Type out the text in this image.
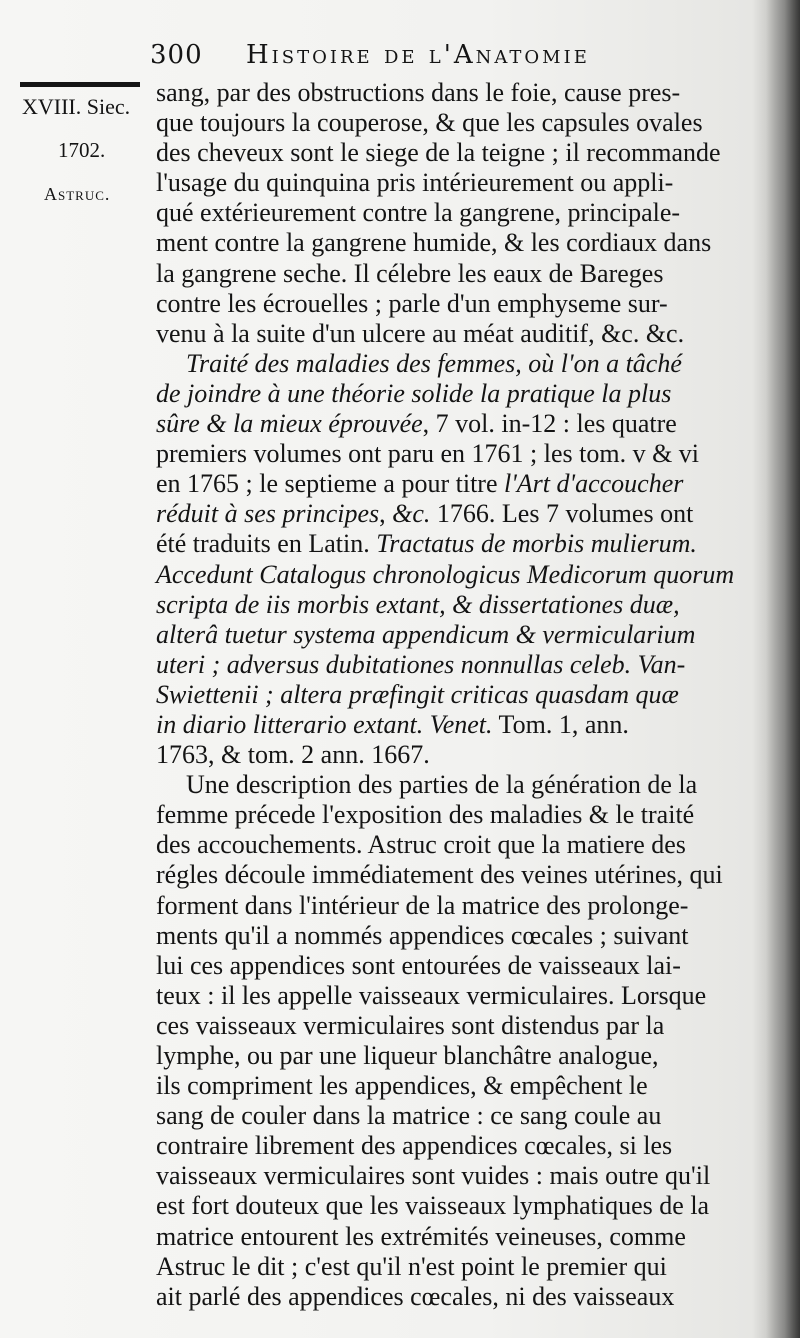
300 Histoire de l'Anatomie
XVIII. Siec.
1702.
Astruc.
sang, par des obstructions dans le foie, cause pres-
que toujours la couperose, & que les capsules ovales
des cheveux sont le siege de la teigne ; il recommande
l'usage du quinquina pris intérieurement ou appli-
qué extérieurement contre la gangrene, principale-
ment contre la gangrene humide, & les cordiaux dans
la gangrene seche. Il célebre les eaux de Bareges
contre les écrouelles ; parle d'un emphyseme sur-
venu à la suite d'un ulcere au méat auditif, &c. &c.
Traité des maladies des femmes, où l'on a tâché
de joindre à une théorie solide la pratique la plus
sûre & la mieux éprouvée, 7 vol. in-12 : les quatre
premiers volumes ont paru en 1761 ; les tom. v & vi
en 1765 ; le septieme a pour titre l'Art d'accoucher
réduit à ses principes, &c. 1766. Les 7 volumes ont
été traduits en Latin. Tractatus de morbis mulierum.
Accedunt Catalogus chronologicus Medicorum quorum
scripta de iis morbis extant, & dissertationes duæ,
alterâ tuetur systema appendicum & vermicularium
uteri ; adversus dubitationes nonnullas celeb. Van-
Swiettenii ; altera præfingit criticas quasdam quæ
in diario litterario extant. Venet. Tom. 1, ann.
1763, & tom. 2 ann. 1667.
Une description des parties de la génération de la
femme précede l'exposition des maladies & le traité
des accouchements. Astruc croit que la matiere des
régles découle immédiatement des veines utérines, qui
forment dans l'intérieur de la matrice des prolonge-
ments qu'il a nommés appendices cœcales ; suivant
lui ces appendices sont entourées de vaisseaux lai-
teux : il les appelle vaisseaux vermiculaires. Lorsque
ces vaisseaux vermiculaires sont distendus par la
lymphe, ou par une liqueur blanchâtre analogue,
ils compriment les appendices, & empêchent le
sang de couler dans la matrice : ce sang coule au
contraire librement des appendices cœcales, si les
vaisseaux vermiculaires sont vuides : mais outre qu'il
est fort douteux que les vaisseaux lymphatiques de la
matrice entourent les extrémités veineuses, comme
Astruc le dit ; c'est qu'il n'est point le premier qui
ait parlé des appendices cœcales, ni des vaisseaux
